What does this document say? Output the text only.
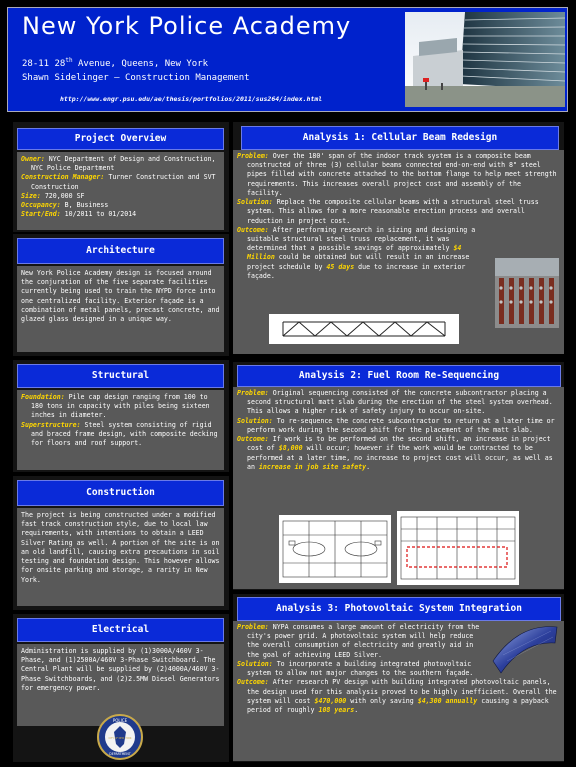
New York Police Academy
28-11 28th Avenue, Queens, New York
Shawn Sidelinger – Construction Management
http://www.engr.psu.edu/ae/thesis/portfolios/2011/sus264/index.html
Project Overview
Owner: NYC Department of Design and Construction, NYC Police Department
Construction Manager: Turner Construction and SVT Construction
Size: 720,000 SF
Occupancy: B, Business
Start/End: 10/2011 to 01/2014
Architecture
New York Police Academy design is focused around the conjuration of the five separate facilities currently being used to train the NYPD force into one centralized facility. Exterior façade is a combination of metal panels, precast concrete, and glazed glass designed in a unique way.
Structural
Foundation: Pile cap design ranging from 100 to 180 tons in capacity with piles being sixteen inches in diameter.
Superstructure: Steel system consisting of rigid and braced frame design, with composite decking for floors and roof support.
Construction
The project is being constructed under a modified fast track construction style, due to local law requirements, with intentions to obtain a LEED Silver Rating as well. A portion of the site is on an old landfill, causing extra precautions in soil testing and foundation design. This however allows for onsite parking and storage, a rarity in New York.
Electrical
Administration is supplied by (1)3000A/460V 3-Phase, and (1)2500A/460V 3-Phase Switchboard. The Central Plant will be supplied by (2)4000A/460V 3-Phase Switchboards, and (2)2.5MW Diesel Generators for emergency power.
POLICE
DEPARTMENT
CITY OF NEW YORK
Analysis 1: Cellular Beam Redesign
Problem: Over the 180' span of the indoor track system is a composite beam constructed of three (3) cellular beams connected end-on-end with 8" steel pipes filled with concrete attached to the bottom flange to help meet strength requirements. This increases overall project cost and assembly of the facility.
Solution: Replace the composite cellular beams with a structural steel truss system. This allows for a more reasonable erection process and overall reduction in project cost.
Outcome: After performing research in sizing and designing a suitable structural steel truss replacement, it was determined that a possible savings of approximately $4 Million could be obtained but will result in an increase project schedule by 45 days due to increase in exterior façade.
Analysis 2: Fuel Room Re-Sequencing
Problem: Original sequencing consisted of the concrete subcontractor placing a second structural matt slab during the erection of the steel system overhead. This allows a higher risk of safety injury to occur on-site.
Solution: To re-sequence the concrete subcontractor to return at a later time or perform work during the second shift for the placement of the matt slab.
Outcome: If work is to be performed on the second shift, an increase in project cost of $8,000 will occur; however if the work would be contracted to be performed at a later time, no increase to project cost will occur, as well as an increase in job site safety.
Analysis 3: Photovoltaic System Integration
Problem: NYPA consumes a large amount of electricity from the city's power grid. A photovoltaic system will help reduce the overall consumption of electricity and greatly aid in the goal of achieving LEED Silver.
Solution: To incorporate a building integrated photovoltaic system to allow not major changes to the southern façade.
Outcome: After research PV design with building integrated photovoltaic panels, the design used for this analysis proved to be highly inefficient. Overall the system will cost $470,000 with only saving $4,300 annually causing a payback period of roughly 108 years.
